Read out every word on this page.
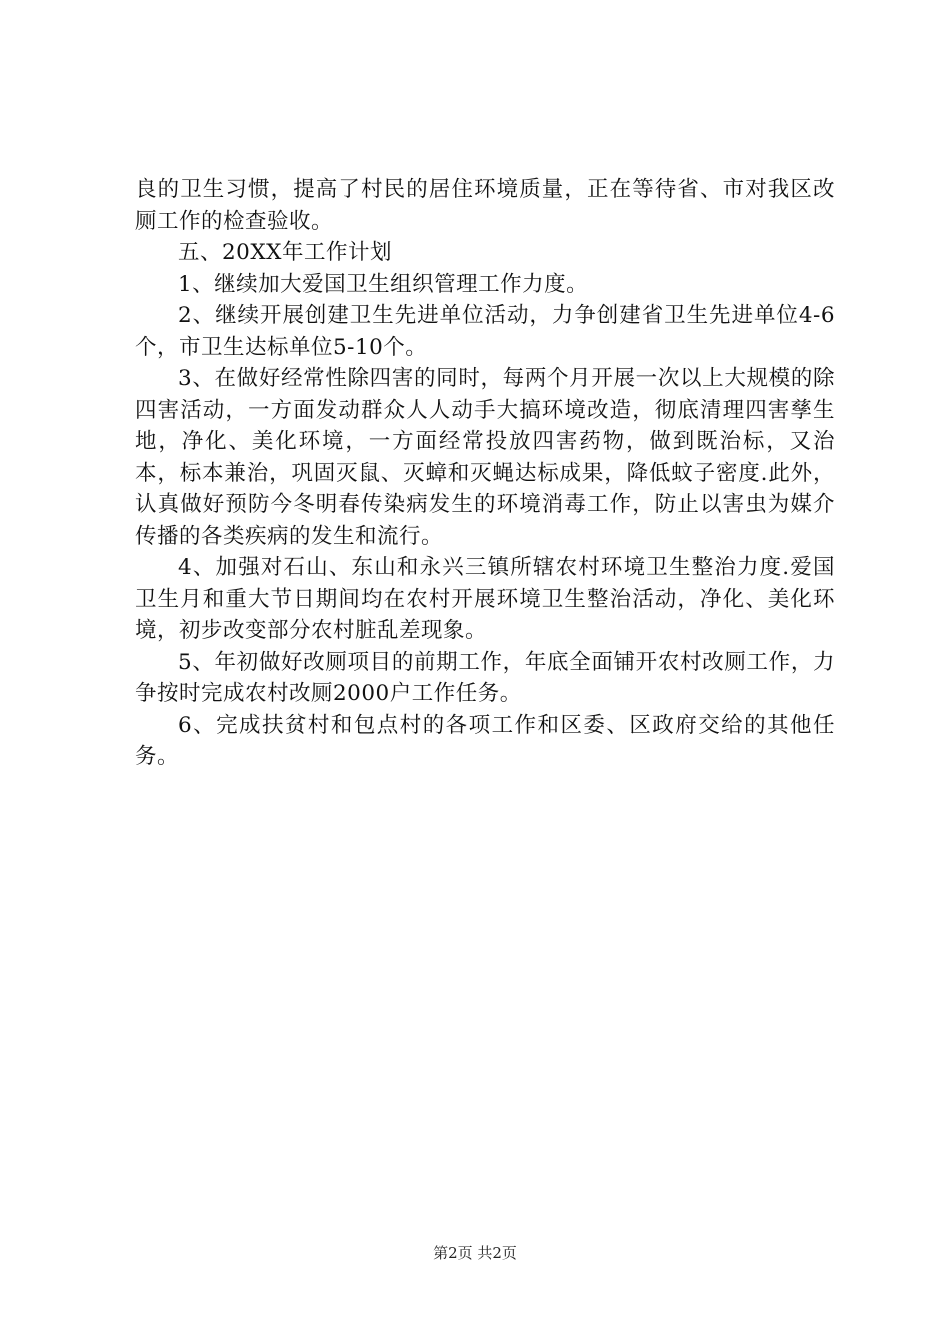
良的卫生习惯，提高了村民的居住环境质量，正在等待省、市对我区改厕工作的检查验收。

五、20XX年工作计划

1、继续加大爱国卫生组织管理工作力度。

2、继续开展创建卫生先进单位活动，力争创建省卫生先进单位4-6个，市卫生达标单位5-10个。

3、在做好经常性除四害的同时，每两个月开展一次以上大规模的除四害活动，一方面发动群众人人动手大搞环境改造，彻底清理四害孳生地，净化、美化环境，一方面经常投放四害药物，做到既治标，又治本，标本兼治，巩固灭鼠、灭蟑和灭蝇达标成果，降低蚊子密度.此外，认真做好预防今冬明春传染病发生的环境消毒工作，防止以害虫为媒介传播的各类疾病的发生和流行。

4、加强对石山、东山和永兴三镇所辖农村环境卫生整治力度.爱国卫生月和重大节日期间均在农村开展环境卫生整治活动，净化、美化环境，初步改变部分农村脏乱差现象。

5、年初做好改厕项目的前期工作，年底全面铺开农村改厕工作，力争按时完成农村改厕2000户工作任务。

6、完成扶贫村和包点村的各项工作和区委、区政府交给的其他任务。

第2页 共2页
